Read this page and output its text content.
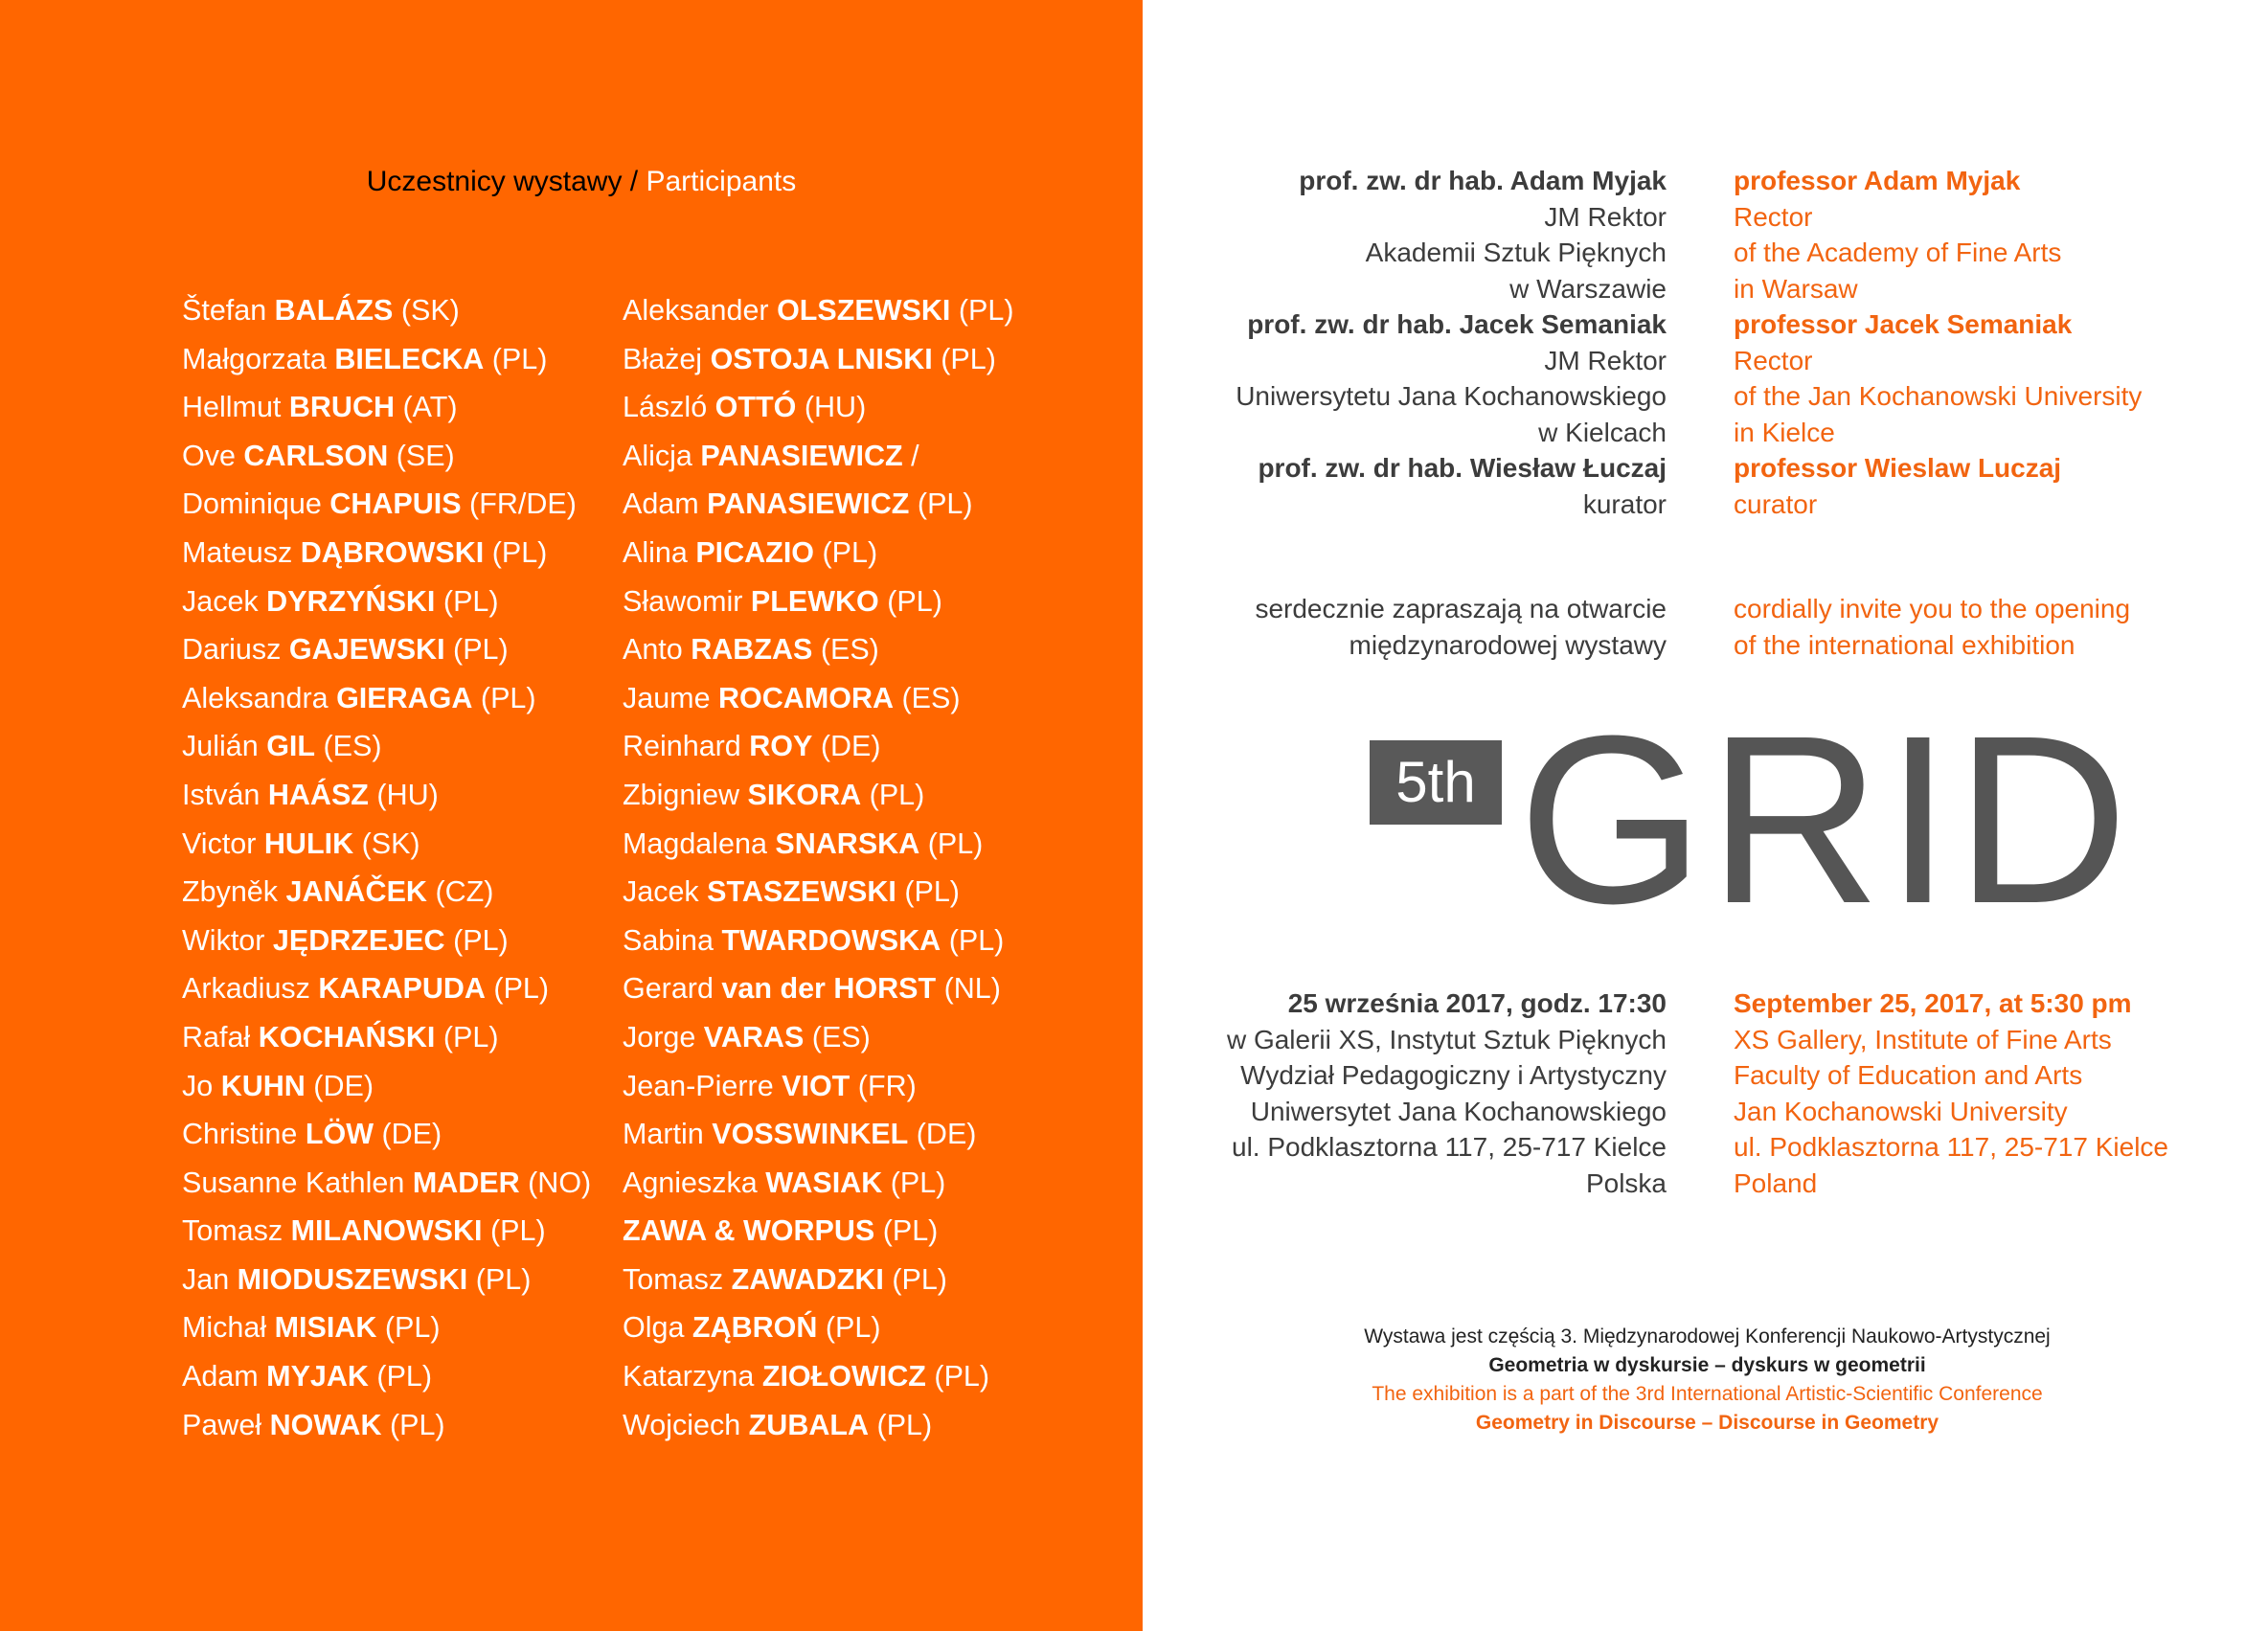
Uczestnicy wystawy / Participants
Štefan BALÁZS (SK)
Małgorzata BIELECKA (PL)
Hellmut BRUCH (AT)
Ove CARLSON (SE)
Dominique CHAPUIS (FR/DE)
Mateusz DĄBROWSKI (PL)
Jacek DYRZYŃSKI (PL)
Dariusz GAJEWSKI (PL)
Aleksandra GIERAGA (PL)
Julián GIL (ES)
István HAÁSZ (HU)
Victor HULIK (SK)
Zbyněk JANÁČEK (CZ)
Wiktor JĘDRZEJEC (PL)
Arkadiusz KARAPUDA (PL)
Rafał KOCHAŃSKI (PL)
Jo KUHN (DE)
Christine LÖW (DE)
Susanne Kathlen MADER (NO)
Tomasz MILANOWSKI (PL)
Jan MIODUSZEWSKI (PL)
Michał MISIAK (PL)
Adam MYJAK (PL)
Paweł NOWAK (PL)
Aleksander OLSZEWSKI (PL)
Błażej OSTOJA LNISKI (PL)
László OTTÓ (HU)
Alicja PANASIEWICZ /
Adam PANASIEWICZ (PL)
Alina PICAZIO (PL)
Sławomir PLEWKO (PL)
Anto RABZAS (ES)
Jaume ROCAMORA (ES)
Reinhard ROY (DE)
Zbigniew SIKORA (PL)
Magdalena SNARSKA (PL)
Jacek STASZEWSKI (PL)
Sabina TWARDOWSKA (PL)
Gerard van der HORST (NL)
Jorge VARAS (ES)
Jean-Pierre VIOT (FR)
Martin VOSSWINKEL (DE)
Agnieszka WASIAK (PL)
ZAWA & WORPUS (PL)
Tomasz ZAWADZKI (PL)
Olga ZĄBROŃ (PL)
Katarzyna ZIOŁOWICZ (PL)
Wojciech ZUBALA (PL)
prof. zw. dr hab. Adam Myjak
JM Rektor
Akademii Sztuk Pięknych
w Warszawie
prof. zw. dr hab. Jacek Semaniak
JM Rektor
Uniwersytetu Jana Kochanowskiego
w Kielcach
prof. zw. dr hab. Wiesław Łuczaj
kurator
professor Adam Myjak
Rector
of the Academy of Fine Arts
in Warsaw
professor Jacek Semaniak
Rector
of the Jan Kochanowski University
in Kielce
professor Wieslaw Luczaj
curator
serdecznie zapraszają na otwarcie
międzynarodowej wystawy
cordially invite you to the opening
of the international exhibition
5th GRID
25 września 2017, godz. 17:30
w Galerii XS, Instytut Sztuk Pięknych
Wydział Pedagogiczny i Artystyczny
Uniwersytet Jana Kochanowskiego
ul. Podklasztorna 117, 25-717 Kielce
Polska
September 25, 2017, at 5:30 pm
XS Gallery, Institute of Fine Arts
Faculty of Education and Arts
Jan Kochanowski University
ul. Podklasztorna 117, 25-717 Kielce
Poland
Wystawa jest częścią 3. Międzynarodowej Konferencji Naukowo-Artystycznej
Geometria w dyskursie – dyskurs w geometrii
The exhibition is a part of the 3rd International Artistic-Scientific Conference
Geometry in Discourse – Discourse in Geometry
